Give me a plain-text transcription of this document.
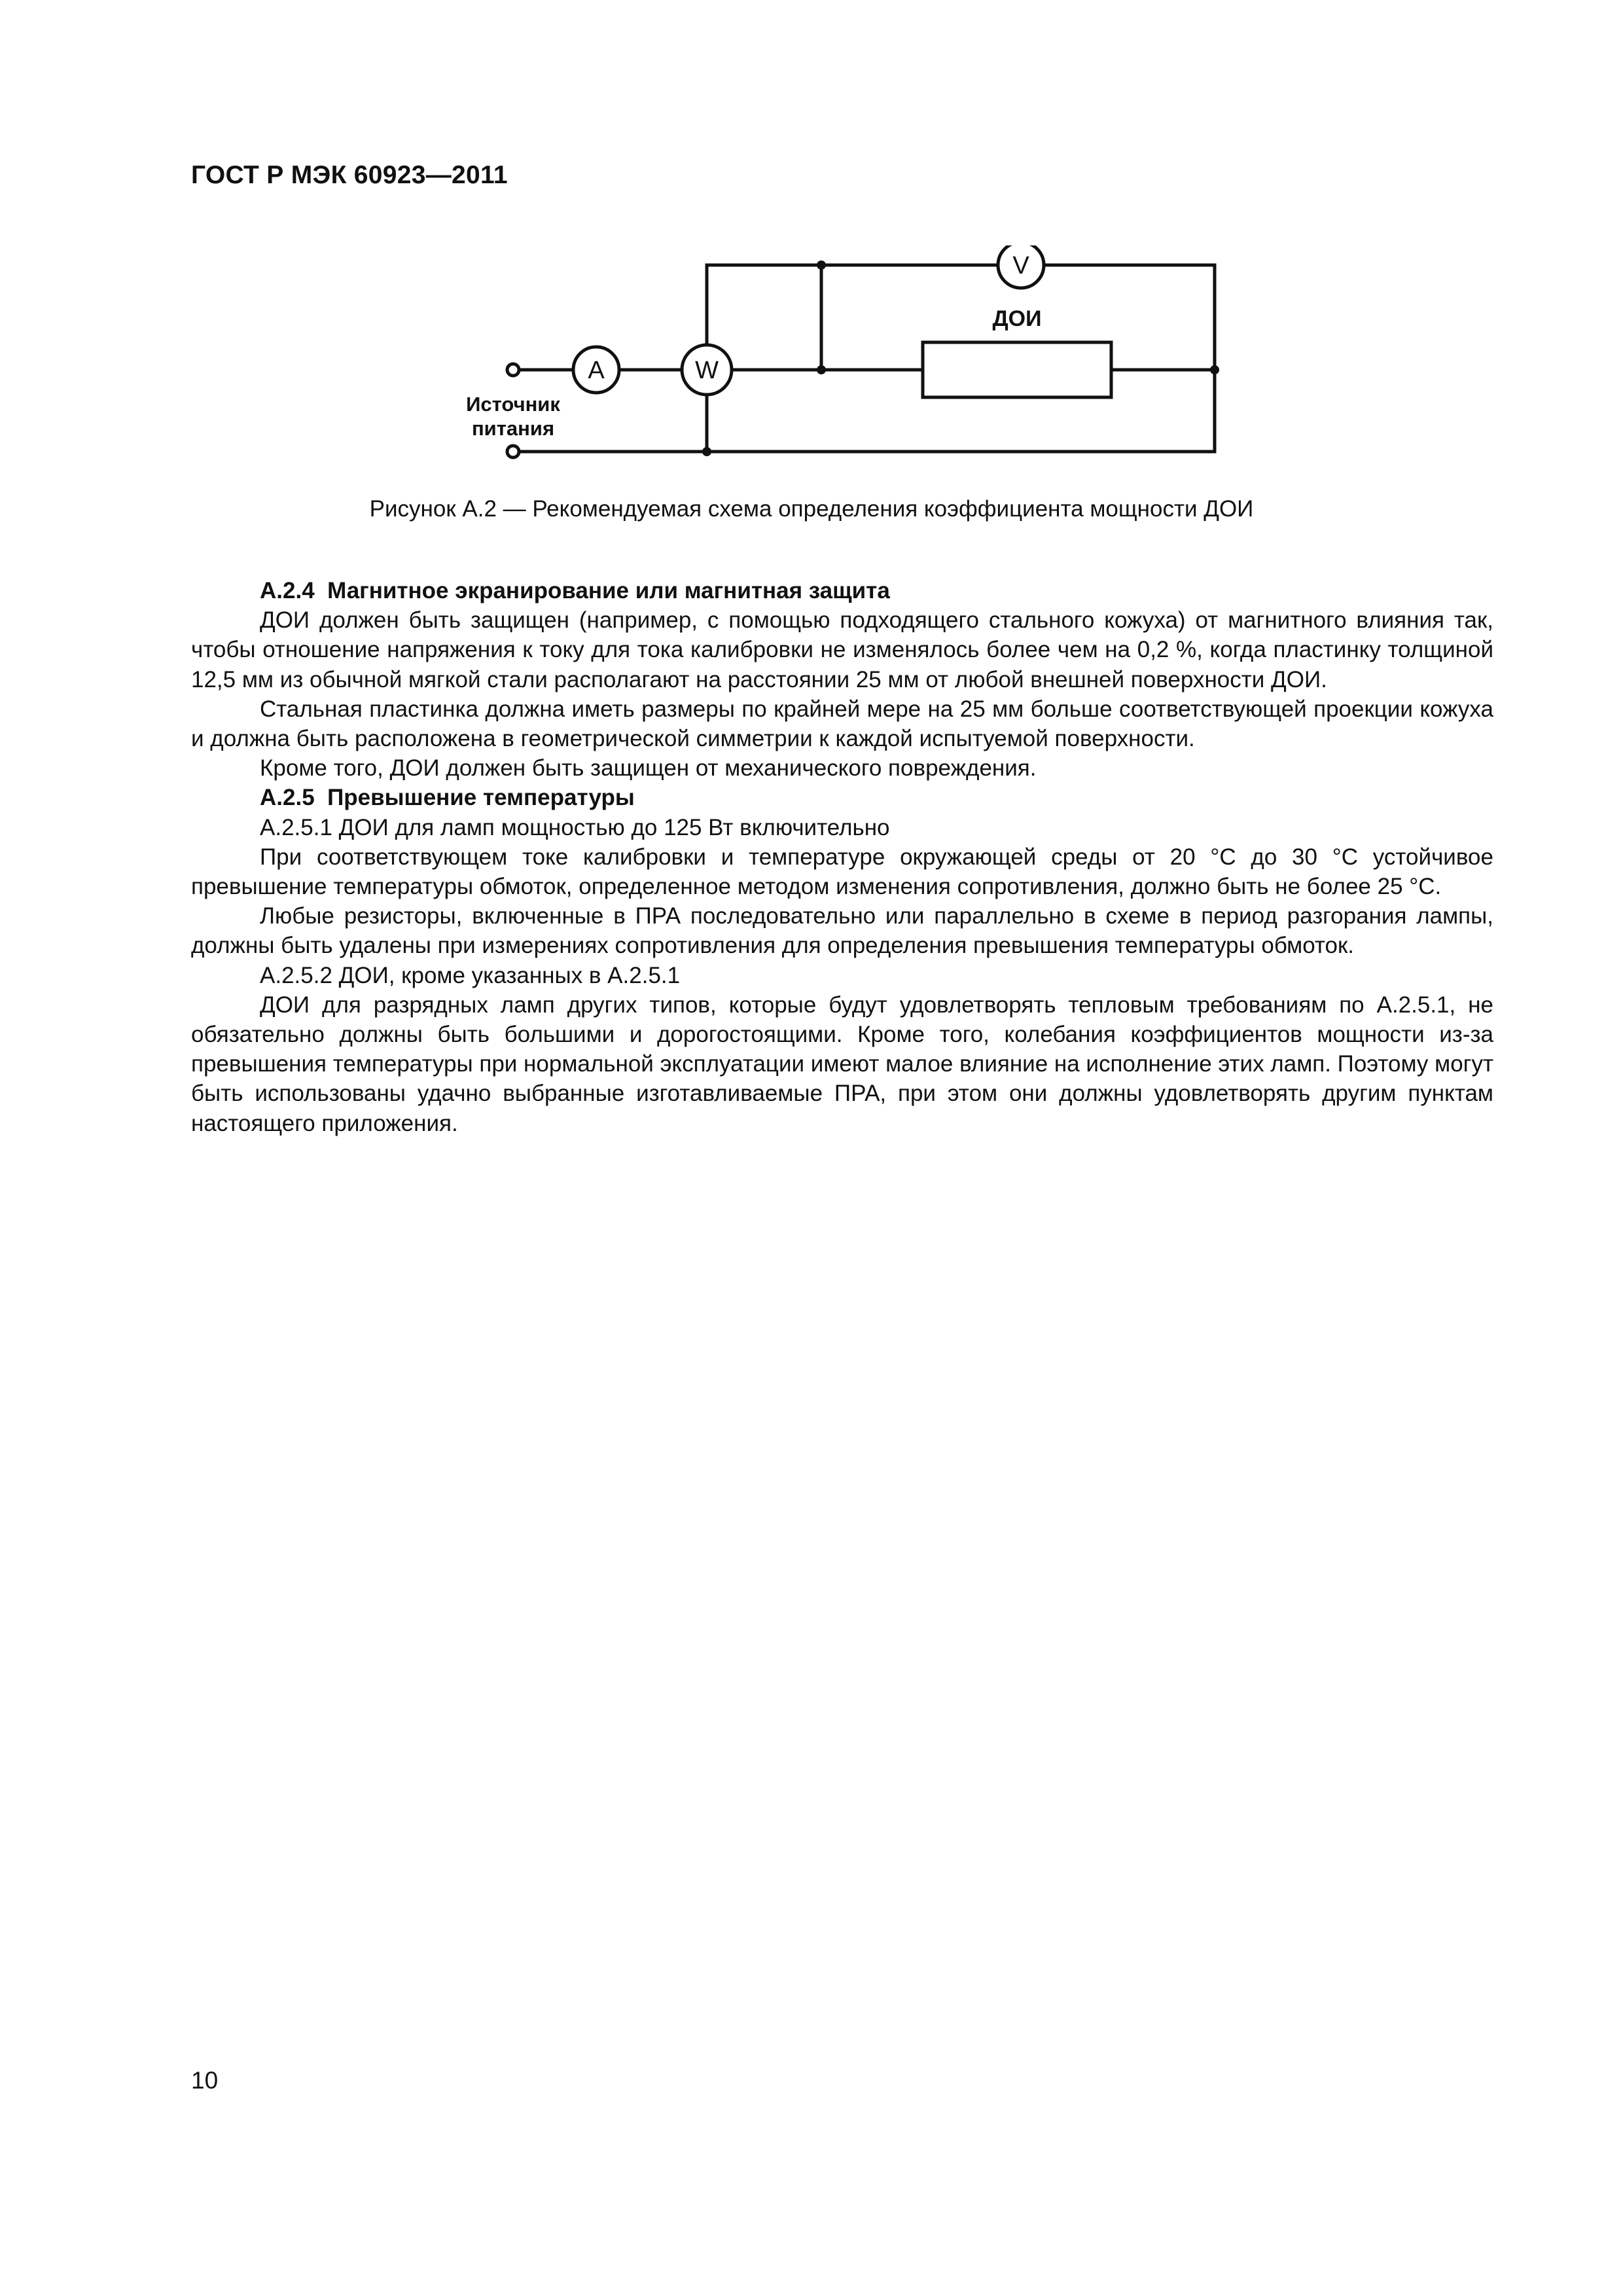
ГОСТ Р МЭК 60923—2011
V
A	W
ДОИ
Источник
питания
Рисунок А.2 — Рекомендуемая схема определения коэффициента мощности ДОИ

А.2.4 Магнитное экранирование или магнитная защита

ДОИ должен быть защищен (например, с помощью подходящего стального кожуха) от магнитного влияния так, чтобы отношение напряжения к току для тока калибровки не изменялось более чем на 0,2 %, когда пластинку толщиной 12,5 мм из обычной мягкой стали располагают на расстоянии 25 мм от любой внешней поверхности ДОИ.

Стальная пластинка должна иметь размеры по крайней мере на 25 мм больше соответствующей проекции кожуха и должна быть расположена в геометрической симметрии к каждой испытуемой поверхности.

Кроме того, ДОИ должен быть защищен от механического повреждения.

А.2.5 Превышение температуры

А.2.5.1 ДОИ для ламп мощностью до 125 Вт включительно

При соответствующем токе калибровки и температуре окружающей среды от 20 °С до 30 °С устойчивое превышение температуры обмоток, определенное методом изменения сопротивления, должно быть не более 25 °С.

Любые резисторы, включенные в ПРА последовательно или параллельно в схеме в период разгорания лампы, должны быть удалены при измерениях сопротивления для определения превышения температуры обмоток.

А.2.5.2 ДОИ, кроме указанных в А.2.5.1

ДОИ для разрядных ламп других типов, которые будут удовлетворять тепловым требованиям по А.2.5.1, не обязательно должны быть большими и дорогостоящими. Кроме того, колебания коэффициентов мощности из-за превышения температуры при нормальной эксплуатации имеют малое влияние на исполнение этих ламп. Поэтому могут быть использованы удачно выбранные изготавливаемые ПРА, при этом они должны удовлетворять другим пунктам настоящего приложения.

10
